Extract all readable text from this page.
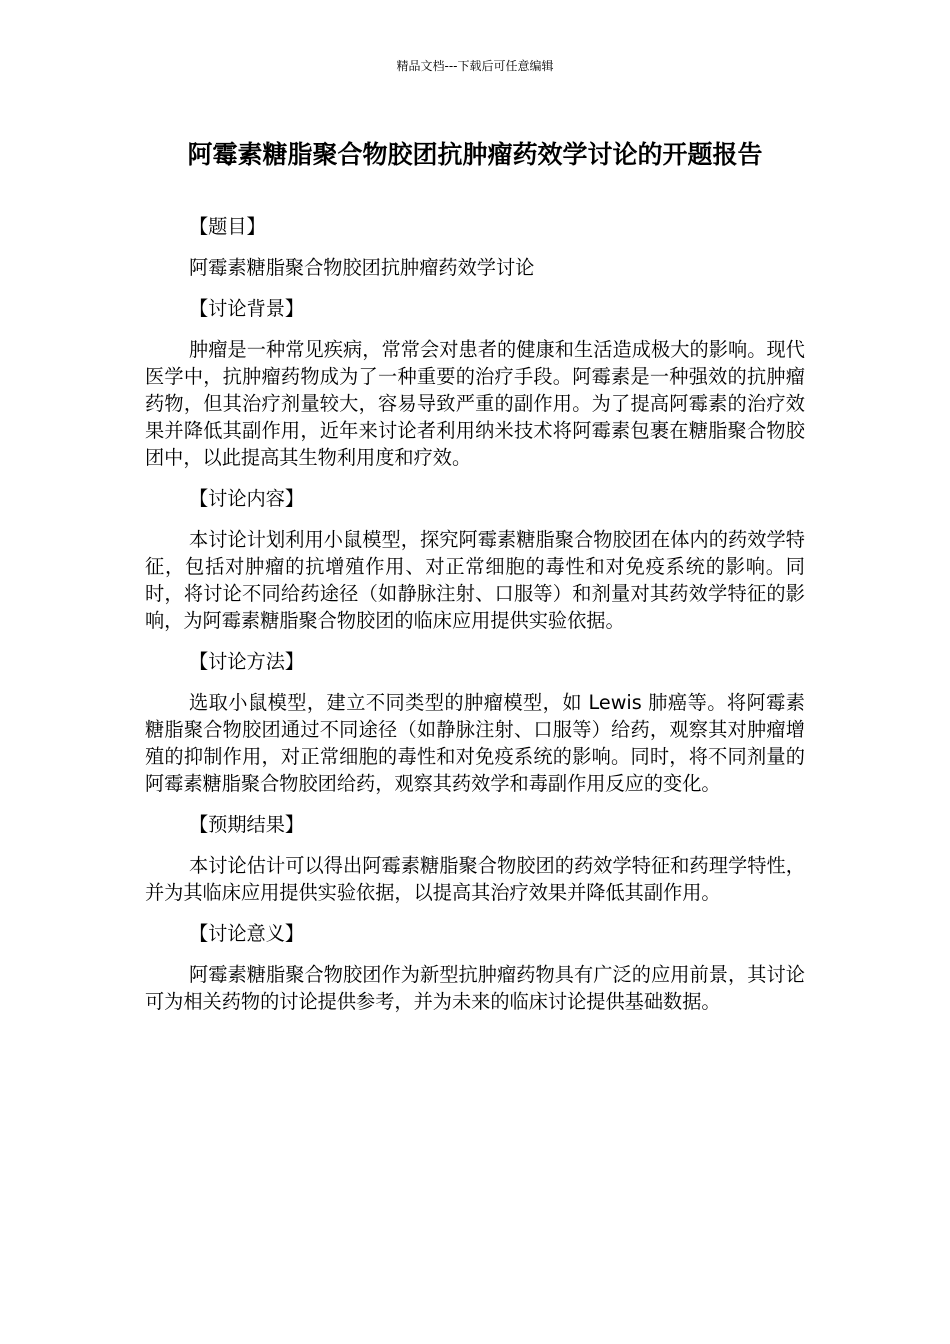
精品文档---下载后可任意编辑
阿霉素糖脂聚合物胶团抗肿瘤药效学讨论的开题报告

【题目】

阿霉素糖脂聚合物胶团抗肿瘤药效学讨论

【讨论背景】

肿瘤是一种常见疾病，常常会对患者的健康和生活造成极大的影响。现代医学中，抗肿瘤药物成为了一种重要的治疗手段。阿霉素是一种强效的抗肿瘤药物，但其治疗剂量较大，容易导致严重的副作用。为了提高阿霉素的治疗效果并降低其副作用，近年来讨论者利用纳米技术将阿霉素包裹在糖脂聚合物胶团中，以此提高其生物利用度和疗效。

【讨论内容】

本讨论计划利用小鼠模型，探究阿霉素糖脂聚合物胶团在体内的药效学特征，包括对肿瘤的抗增殖作用、对正常细胞的毒性和对免疫系统的影响。同时，将讨论不同给药途径（如静脉注射、口服等）和剂量对其药效学特征的影响，为阿霉素糖脂聚合物胶团的临床应用提供实验依据。

【讨论方法】

选取小鼠模型，建立不同类型的肿瘤模型，如 Lewis 肺癌等。将阿霉素糖脂聚合物胶团通过不同途径（如静脉注射、口服等）给药，观察其对肿瘤增殖的抑制作用，对正常细胞的毒性和对免疫系统的影响。同时，将不同剂量的阿霉素糖脂聚合物胶团给药，观察其药效学和毒副作用反应的变化。

【预期结果】

本讨论估计可以得出阿霉素糖脂聚合物胶团的药效学特征和药理学特性，并为其临床应用提供实验依据，以提高其治疗效果并降低其副作用。

【讨论意义】

阿霉素糖脂聚合物胶团作为新型抗肿瘤药物具有广泛的应用前景，其讨论可为相关药物的讨论提供参考，并为未来的临床讨论提供基础数据。
